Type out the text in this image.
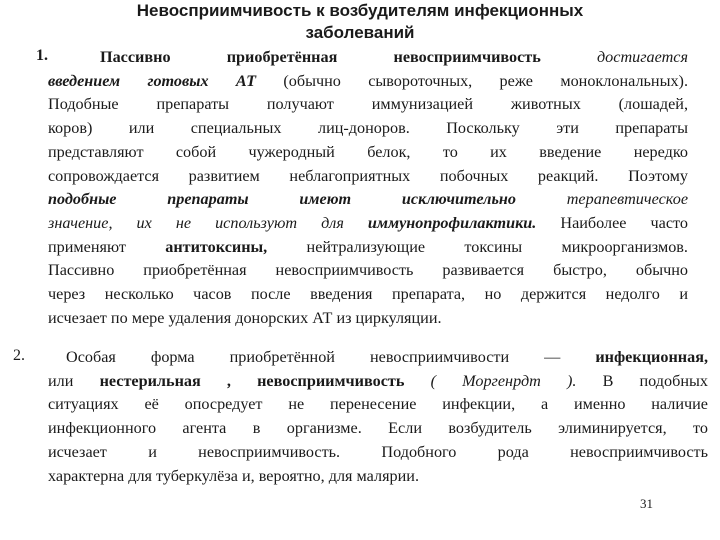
Невосприимчивость к возбудителям инфекционных
заболеваний
1.	Пассивно приобретённая невосприимчивость	достигается
введением готовых АТ (обычно сывороточных, реже моноклональных).
Подобные препараты получают иммунизацией животных (лошадей,
коров) или специальных лиц-доноров. Поскольку эти препараты
представляют собой чужеродный белок, то их введение нередко
сопровождается развитием неблагоприятных побочных реакций. Поэтому
подобные препараты имеют исключительно	терапевтическое
значение, их не используют для иммунопрофилактики. Наиболее часто
применяют антитоксины, нейтрализующие токсины микроорганизмов.
Пассивно приобретённая невосприимчивость развивается быстро, обычно
через несколько часов после введения препарата, но держится недолго и
исчезает по мере удаления донорских АТ из циркуляции.
2.	Особая форма приобретённой невосприимчивости — инфекционная,
или нестерильная , невосприимчивость ( Моргенрдт ). В подобных
ситуациях её опосредует не перенесение инфекции, а именно наличие
инфекционного агента в организме. Если возбудитель элиминируется, то
исчезает и невосприимчивость. Подобного рода невосприимчивость
характерна для туберкулёза и, вероятно, для малярии.
31
